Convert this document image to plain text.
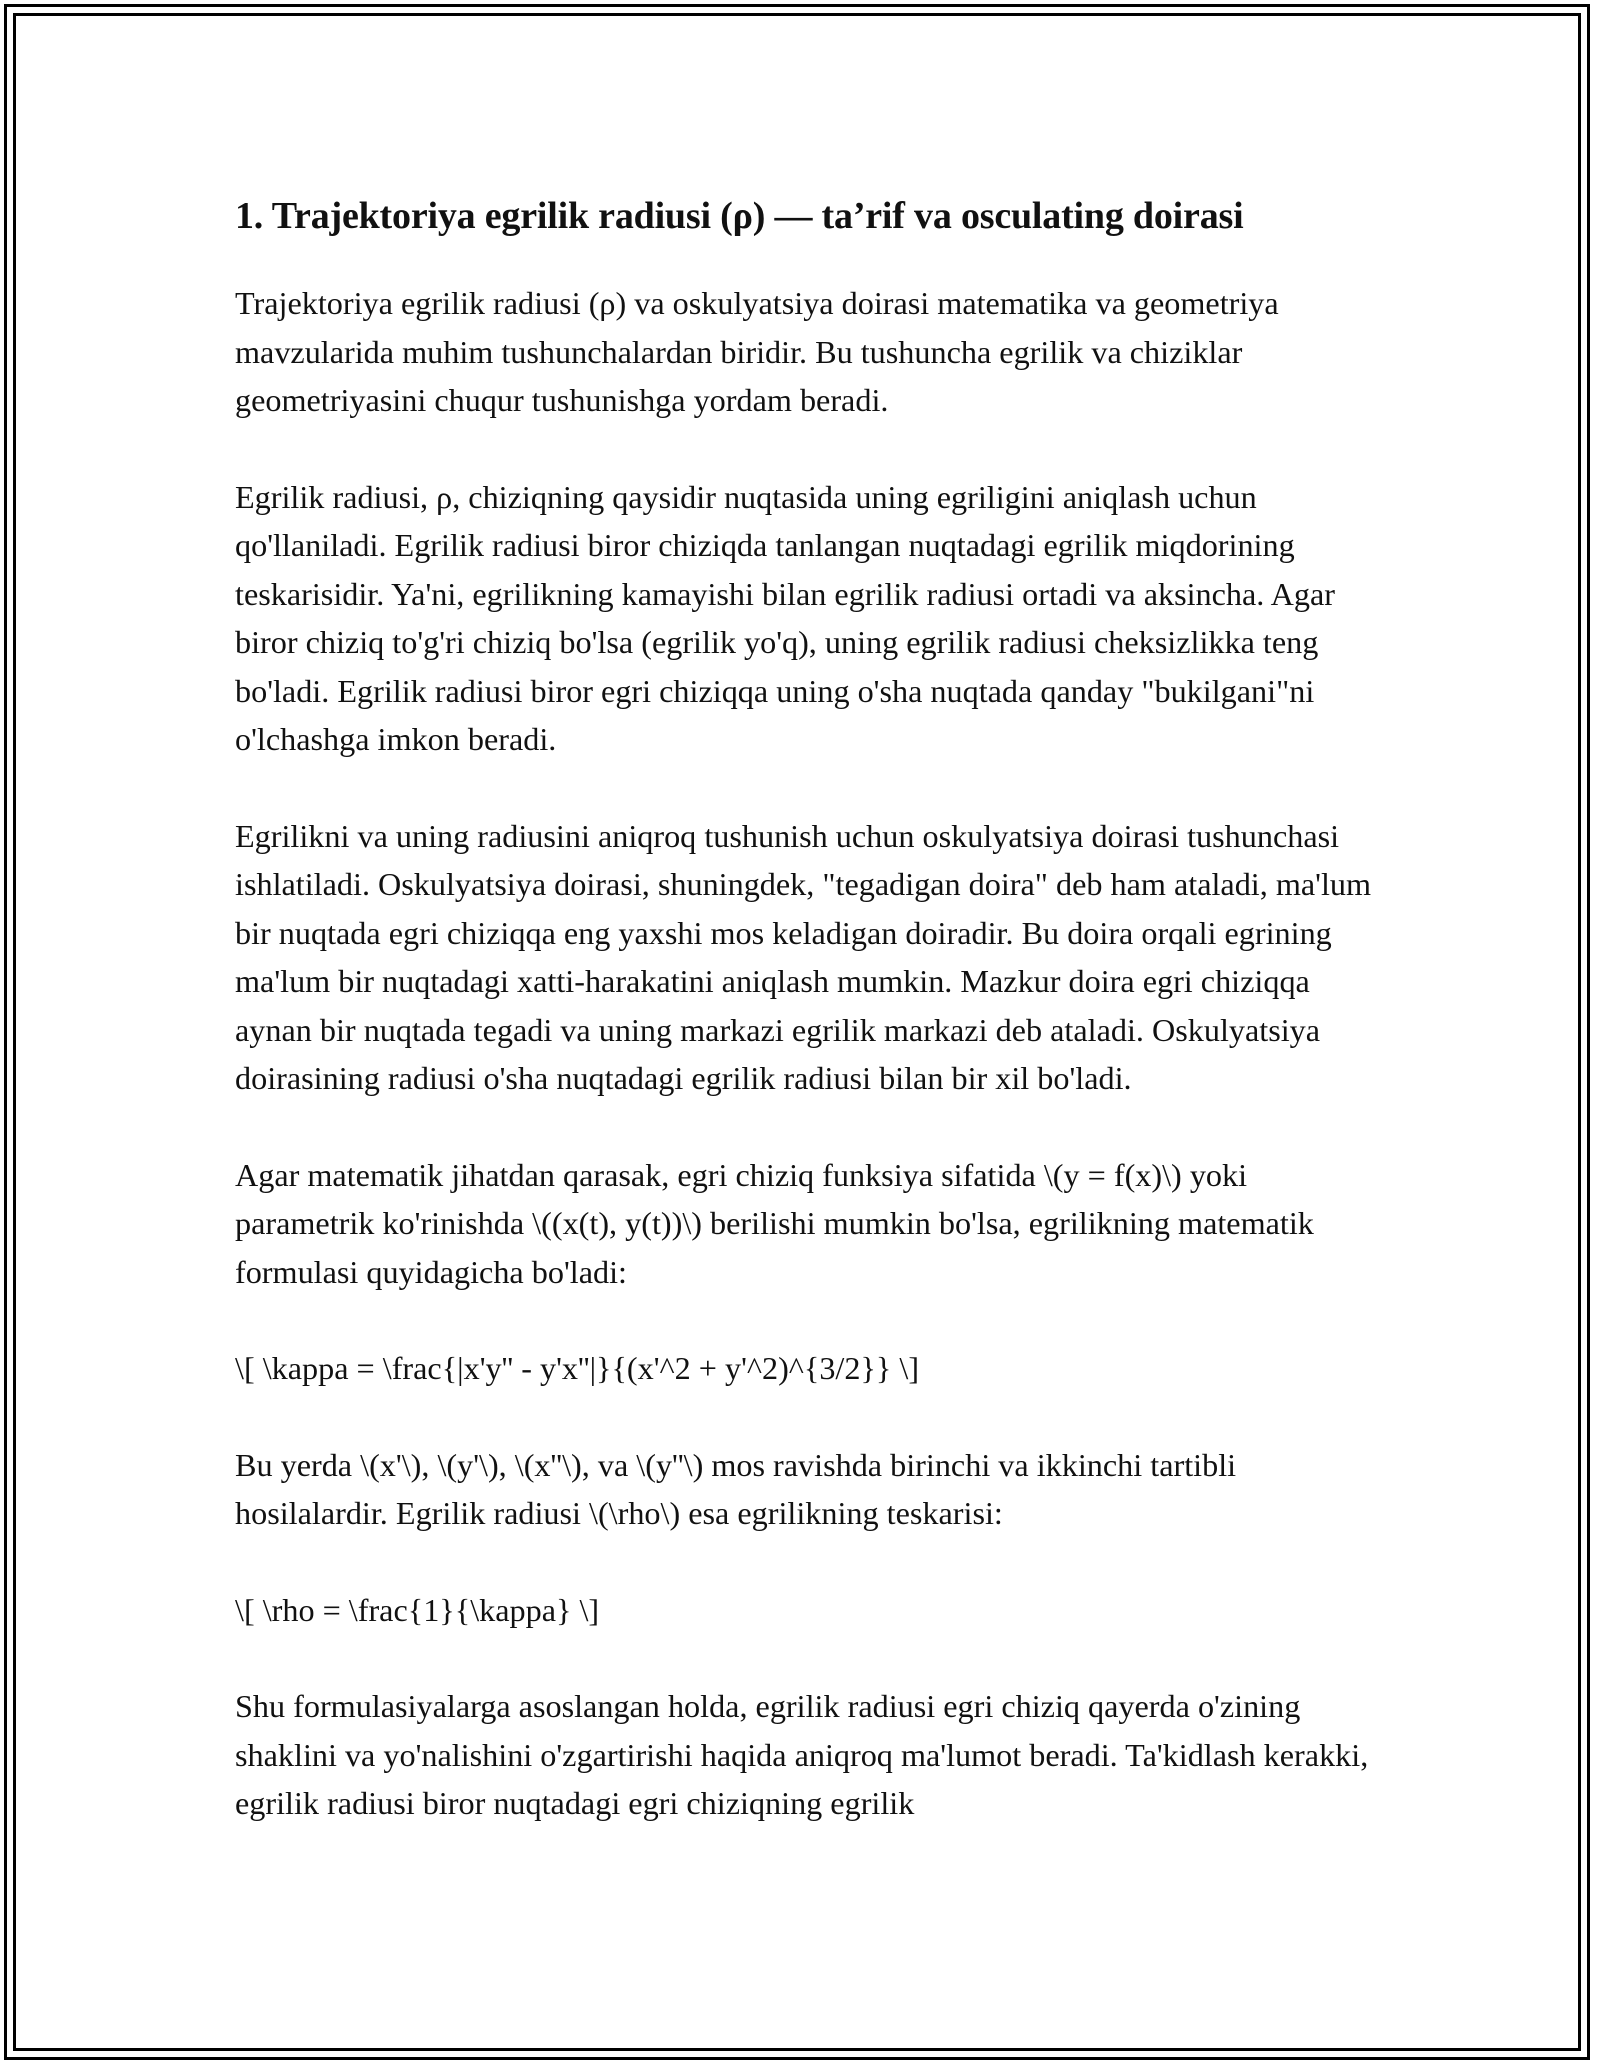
1. Trajektoriya egrilik radiusi (ρ) — ta’rif va osculating doirasi

Trajektoriya egrilik radiusi (ρ) va oskulyatsiya doirasi matematika va geometriya mavzularida muhim tushunchalardan biridir. Bu tushuncha egrilik va chiziklar geometriyasini chuqur tushunishga yordam beradi.

Egrilik radiusi, ρ, chiziqning qaysidir nuqtasida uning egriligini aniqlash uchun qo'llaniladi. Egrilik radiusi biror chiziqda tanlangan nuqtadagi egrilik miqdorining teskarisidir. Ya'ni, egrilikning kamayishi bilan egrilik radiusi ortadi va aksincha. Agar biror chiziq to'g'ri chiziq bo'lsa (egrilik yo'q), uning egrilik radiusi cheksizlikka teng bo'ladi. Egrilik radiusi biror egri chiziqqa uning o'sha nuqtada qanday "bukilgani"ni o'lchashga imkon beradi.

Egrilikni va uning radiusini aniqroq tushunish uchun oskulyatsiya doirasi tushunchasi ishlatiladi. Oskulyatsiya doirasi, shuningdek, "tegadigan doira" deb ham ataladi, ma'lum bir nuqtada egri chiziqqa eng yaxshi mos keladigan doiradir. Bu doira orqali egrining ma'lum bir nuqtadagi xatti-harakatini aniqlash mumkin. Mazkur doira egri chiziqqa aynan bir nuqtada tegadi va uning markazi egrilik markazi deb ataladi. Oskulyatsiya doirasining radiusi o'sha nuqtadagi egrilik radiusi bilan bir xil bo'ladi.

Agar matematik jihatdan qarasak, egri chiziq funksiya sifatida \(y = f(x)\) yoki parametrik ko'rinishda \((x(t), y(t))\) berilishi mumkin bo'lsa, egrilikning matematik formulasi quyidagicha bo'ladi:

\[ \kappa = \frac{|x'y'' - y'x''|}{(x'^2 + y'^2)^{3/2}} \]

Bu yerda \(x'\), \(y'\), \(x''\), va \(y''\) mos ravishda birinchi va ikkinchi tartibli hosilalardir. Egrilik radiusi \(\rho\) esa egrilikning teskarisi:

\[ \rho = \frac{1}{\kappa} \]

Shu formulasiyalarga asoslangan holda, egrilik radiusi egri chiziq qayerda o'zining shaklini va yo'nalishini o'zgartirishi haqida aniqroq ma'lumot beradi. Ta'kidlash kerakki, egrilik radiusi biror nuqtadagi egri chiziqning egrilik
